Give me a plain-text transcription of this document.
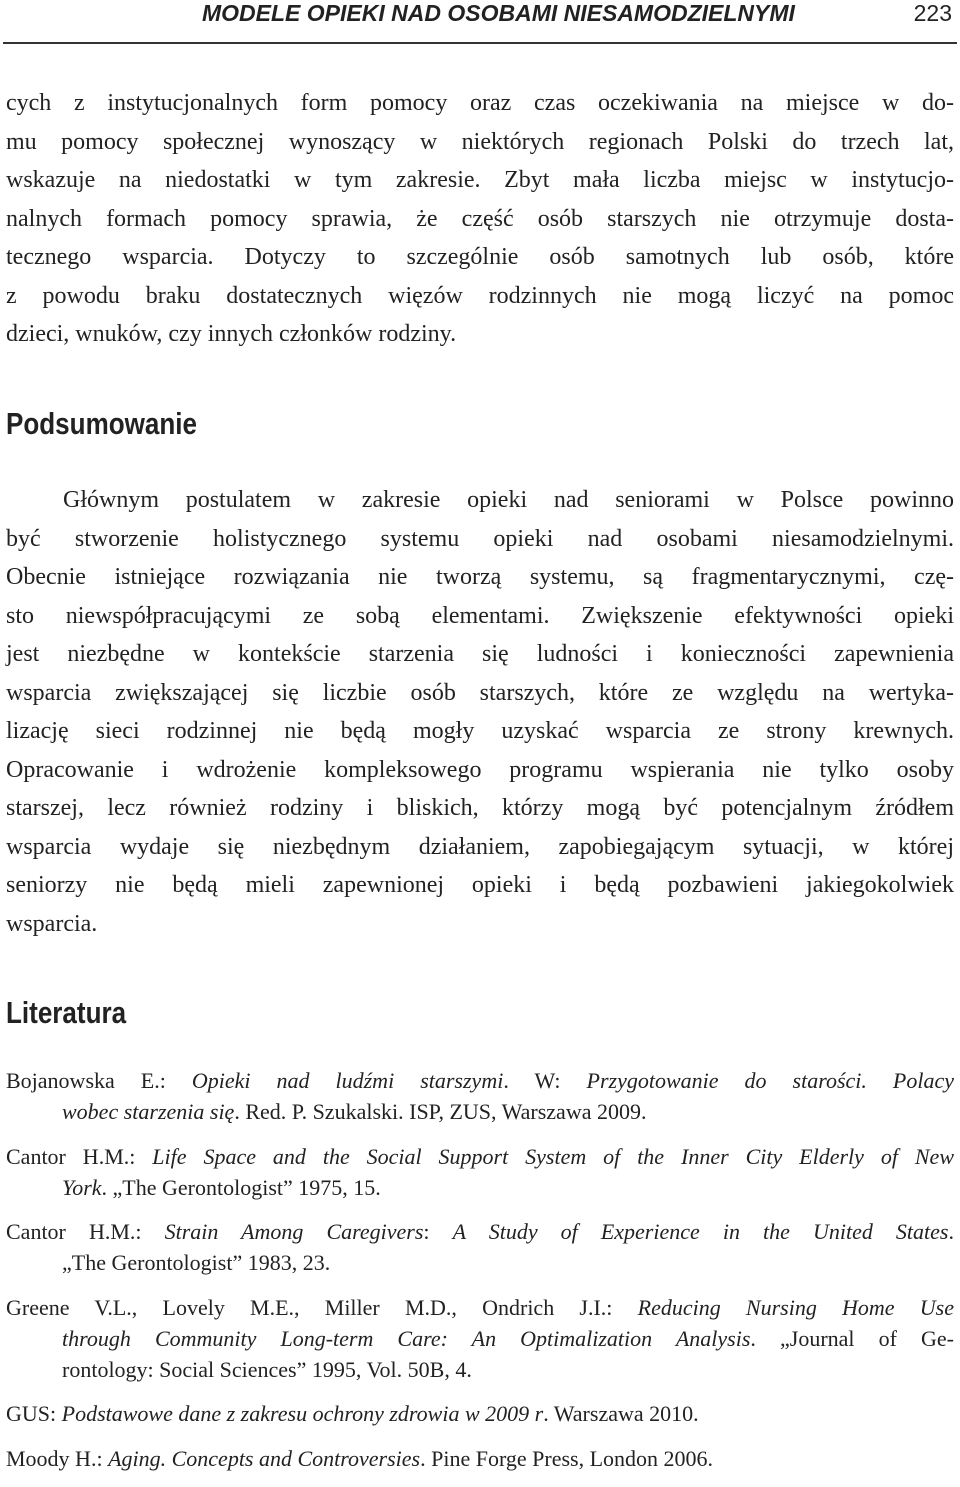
MODELE OPIEKI NAD OSOBAMI NIESAMODZIELNYMI	223
cych z instytucjonalnych form pomocy oraz czas oczekiwania na miejsce w do-
mu pomocy społecznej wynoszący w niektórych regionach Polski do trzech lat,
wskazuje na niedostatki w tym zakresie. Zbyt mała liczba miejsc w instytucjo-
nalnych formach pomocy sprawia, że część osób starszych nie otrzymuje dosta-
tecznego wsparcia. Dotyczy to szczególnie osób samotnych lub osób, które
z powodu braku dostatecznych więzów rodzinnych nie mogą liczyć na pomoc
dzieci, wnuków, czy innych członków rodziny.
Podsumowanie
Głównym postulatem w zakresie opieki nad seniorami w Polsce powinno
być stworzenie holistycznego systemu opieki nad osobami niesamodzielnymi.
Obecnie istniejące rozwiązania nie tworzą systemu, są fragmentarycznymi, czę-
sto niewspółpracującymi ze sobą elementami. Zwiększenie efektywności opieki
jest niezbędne w kontekście starzenia się ludności i konieczności zapewnienia
wsparcia zwiększającej się liczbie osób starszych, które ze względu na wertyka-
lizację sieci rodzinnej nie będą mogły uzyskać wsparcia ze strony krewnych.
Opracowanie i wdrożenie kompleksowego programu wspierania nie tylko osoby
starszej, lecz również rodziny i bliskich, którzy mogą być potencjalnym źródłem
wsparcia wydaje się niezbędnym działaniem, zapobiegającym sytuacji, w której
seniorzy nie będą mieli zapewnionej opieki i będą pozbawieni jakiegokolwiek
wsparcia.
Literatura
Bojanowska E.: Opieki nad ludźmi starszymi. W: Przygotowanie do starości. Polacy
wobec starzenia się. Red. P. Szukalski. ISP, ZUS, Warszawa 2009.
Cantor H.M.: Life Space and the Social Support System of the Inner City Elderly of New
York. „The Gerontologist” 1975, 15.
Cantor H.M.: Strain Among Caregivers: A Study of Experience in the United States.
„The Gerontologist” 1983, 23.
Greene V.L., Lovely M.E., Miller M.D., Ondrich J.I.: Reducing Nursing Home Use
through Community Long-term Care: An Optimalization Analysis. „Journal of Ge-
rontology: Social Sciences” 1995, Vol. 50B, 4.
GUS: Podstawowe dane z zakresu ochrony zdrowia w 2009 r. Warszawa 2010.
Moody H.: Aging. Concepts and Controversies. Pine Forge Press, London 2006.
